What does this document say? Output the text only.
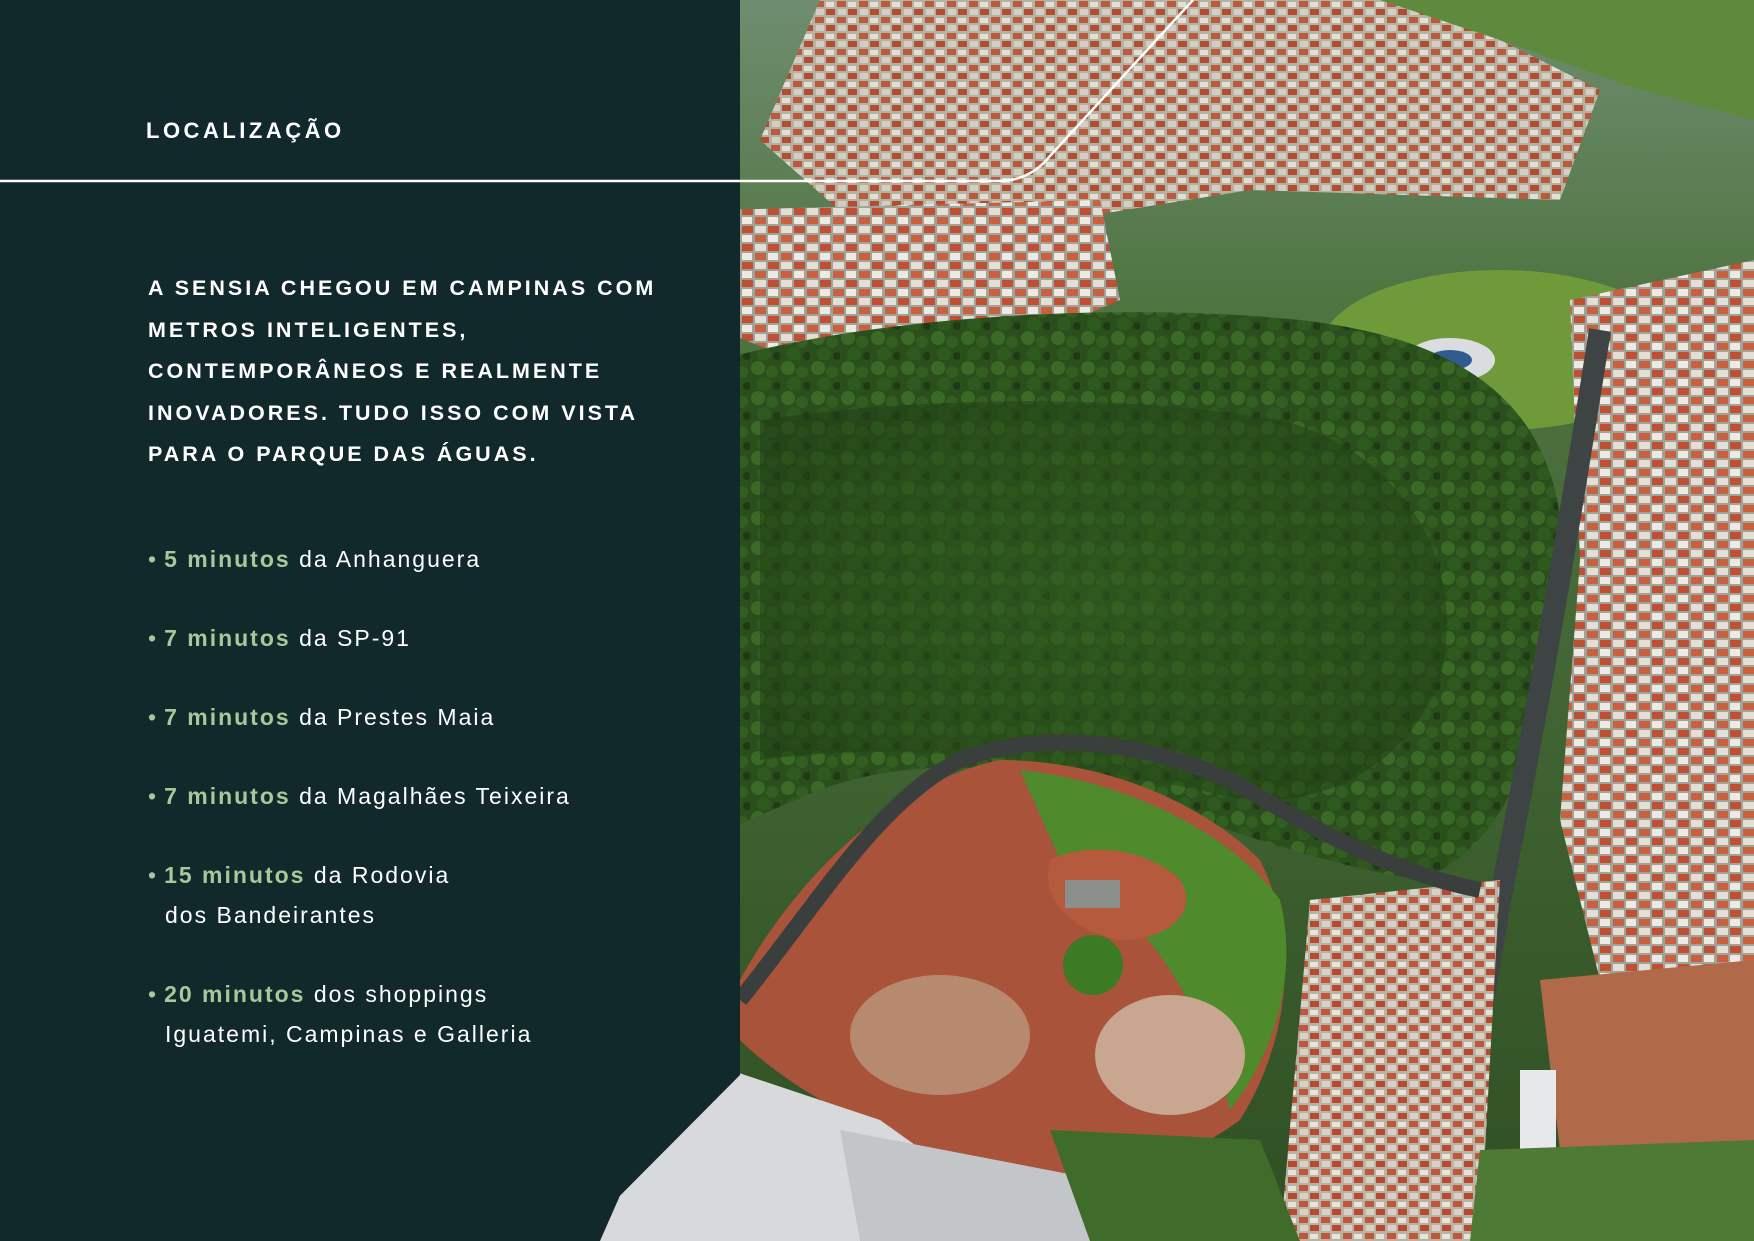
LOCALIZAÇÃO

A SENSIA CHEGOU EM CAMPINAS COM METROS INTELIGENTES, CONTEMPORÂNEOS E REALMENTE INOVADORES. TUDO ISSO COM VISTA PARA O PARQUE DAS ÁGUAS.

• 5 minutos da Anhanguera
• 7 minutos da SP-91
• 7 minutos da Prestes Maia
• 7 minutos da Magalhães Teixeira
• 15 minutos da Rodovia
dos Bandeirantes
• 20 minutos dos shoppings
Iguatemi, Campinas e Galleria
